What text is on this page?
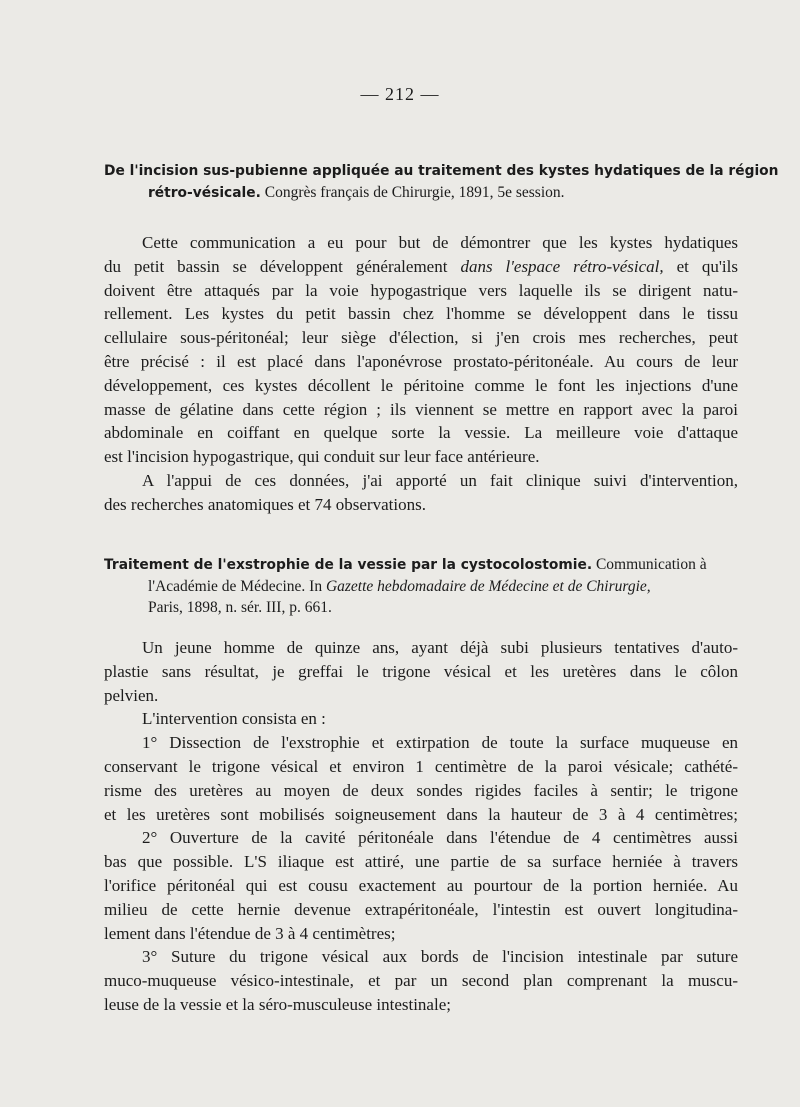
— 212 —
De l'incision sus-pubienne appliquée au traitement des kystes hydatiques de la région
rétro-vésicale. Congrès français de Chirurgie, 1891, 5e session.
Cette communication a eu pour but de démontrer que les kystes hydatiques
du petit bassin se développent généralement dans l'espace rétro-vésical, et qu'ils
doivent être attaqués par la voie hypogastrique vers laquelle ils se dirigent natu-
rellement. Les kystes du petit bassin chez l'homme se développent dans le tissu
cellulaire sous-péritonéal; leur siège d'élection, si j'en crois mes recherches, peut
être précisé : il est placé dans l'aponévrose prostato-péritonéale. Au cours de leur
développement, ces kystes décollent le péritoine comme le font les injections d'une
masse de gélatine dans cette région ; ils viennent se mettre en rapport avec la paroi
abdominale en coiffant en quelque sorte la vessie. La meilleure voie d'attaque
est l'incision hypogastrique, qui conduit sur leur face antérieure.
A l'appui de ces données, j'ai apporté un fait clinique suivi d'intervention,
des recherches anatomiques et 74 observations.
Traitement de l'exstrophie de la vessie par la cystocolostomie. Communication à
l'Académie de Médecine. In Gazette hebdomadaire de Médecine et de Chirurgie,
Paris, 1898, n. sér. III, p. 661.
Un jeune homme de quinze ans, ayant déjà subi plusieurs tentatives d'auto-
plastie sans résultat, je greffai le trigone vésical et les uretères dans le côlon
pelvien.
L'intervention consista en :
1° Dissection de l'exstrophie et extirpation de toute la surface muqueuse en
conservant le trigone vésical et environ 1 centimètre de la paroi vésicale; cathété-
risme des uretères au moyen de deux sondes rigides faciles à sentir; le trigone
et les uretères sont mobilisés soigneusement dans la hauteur de 3 à 4 centimètres;
2° Ouverture de la cavité péritonéale dans l'étendue de 4 centimètres aussi
bas que possible. L'S iliaque est attiré, une partie de sa surface herniée à travers
l'orifice péritonéal qui est cousu exactement au pourtour de la portion herniée. Au
milieu de cette hernie devenue extrapéritonéale, l'intestin est ouvert longitudina-
lement dans l'étendue de 3 à 4 centimètres;
3° Suture du trigone vésical aux bords de l'incision intestinale par suture
muco-muqueuse vésico-intestinale, et par un second plan comprenant la muscu-
leuse de la vessie et la séro-musculeuse intestinale;
